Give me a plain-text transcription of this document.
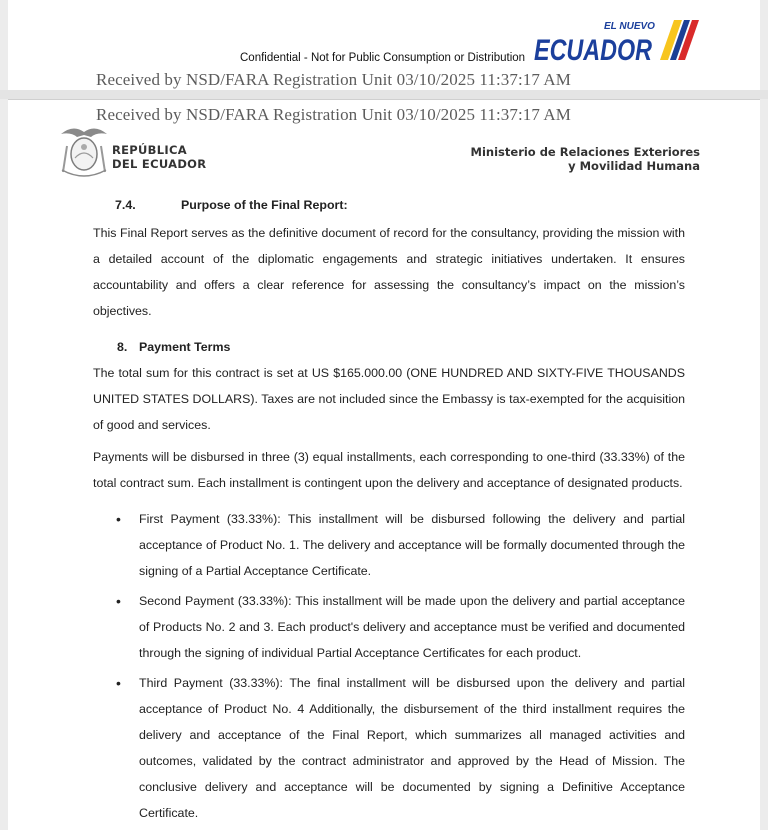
Confidential - Not for Public Consumption or Distribution
EL NUEVO
ECUADOR
Received by NSD/FARA Registration Unit 03/10/2025 11:37:17 AM
Received by NSD/FARA Registration Unit 03/10/2025 11:37:17 AM
REPÚBLICA
DEL ECUADOR
Ministerio de Relaciones Exteriores
y Movilidad Humana
7.4.	Purpose of the Final Report:

This Final Report serves as the definitive document of record for the consultancy, providing the mission with a detailed account of the diplomatic engagements and strategic initiatives undertaken. It ensures accountability and offers a clear reference for assessing the consultancy’s impact on the mission’s objectives.

8. Payment Terms

The total sum for this contract is set at US $165.000.00 (ONE HUNDRED AND SIXTY-FIVE THOUSANDS UNITED STATES DOLLARS). Taxes are not included since the Embassy is tax-exempted for the acquisition of good and services.

Payments will be disbursed in three (3) equal installments, each corresponding to one-third (33.33%) of the total contract sum. Each installment is contingent upon the delivery and acceptance of designated products.

• First Payment (33.33%): This installment will be disbursed following the delivery and partial acceptance of Product No. 1. The delivery and acceptance will be formally documented through the signing of a Partial Acceptance Certificate.
• Second Payment (33.33%): This installment will be made upon the delivery and partial acceptance of Products No. 2 and 3. Each product's delivery and acceptance must be verified and documented through the signing of individual Partial Acceptance Certificates for each product.
• Third Payment (33.33%): The final installment will be disbursed upon the delivery and partial acceptance of Product No. 4 Additionally, the disbursement of the third installment requires the delivery and acceptance of the Final Report, which summarizes all managed activities and outcomes, validated by the contract administrator and approved by the Head of Mission. The conclusive delivery and acceptance will be documented by signing a Definitive Acceptance Certificate.
